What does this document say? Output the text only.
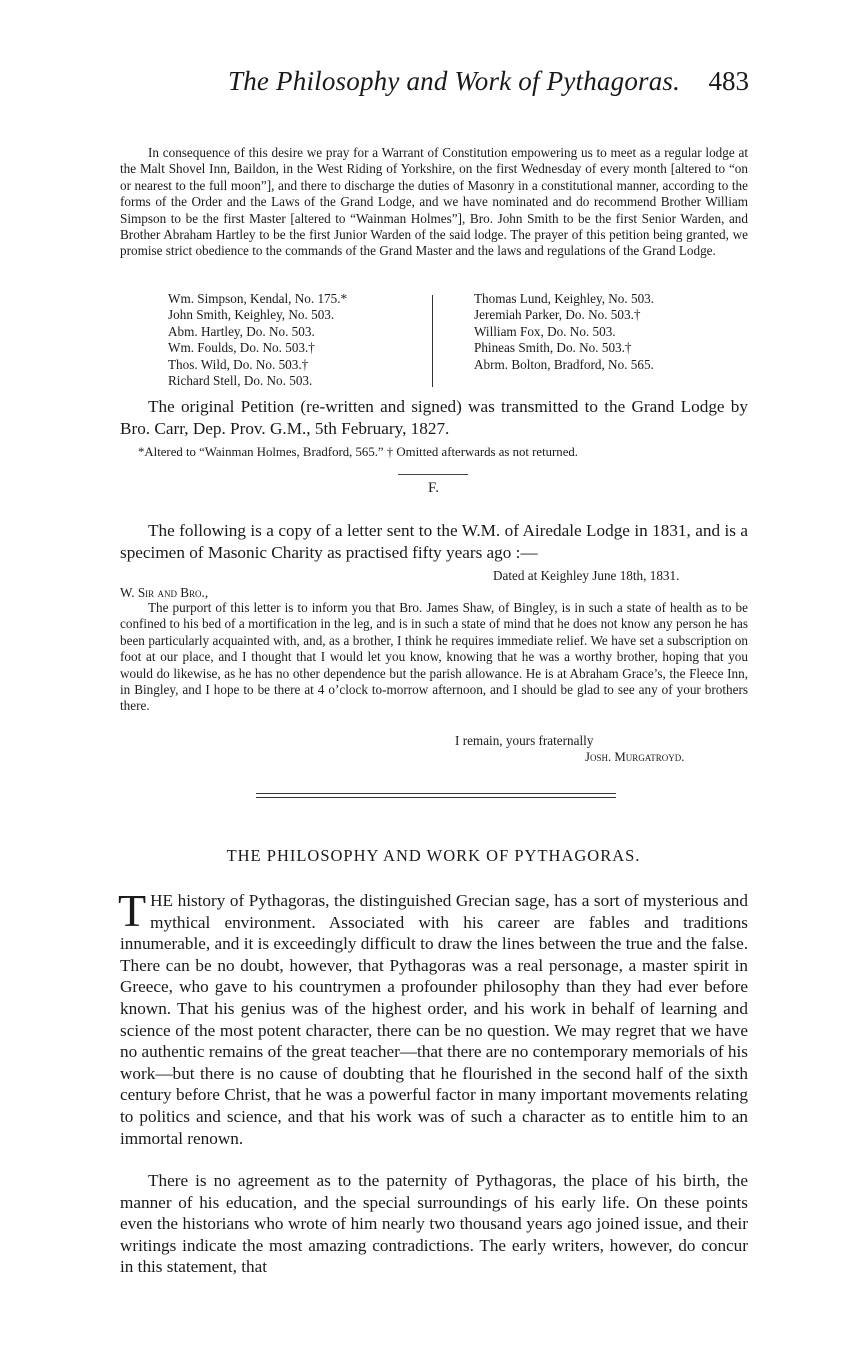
The Philosophy and Work of Pythagoras. 483

In consequence of this desire we pray for a Warrant of Constitution empowering us to meet as a regular lodge at the Malt Shovel Inn, Baildon, in the West Riding of Yorkshire, on the first Wednesday of every month [altered to “on or nearest to the full moon”], and there to discharge the duties of Masonry in a constitutional manner, according to the forms of the Order and the Laws of the Grand Lodge, and we have nominated and do recommend Brother William Simpson to be the first Master [altered to “Wainman Holmes”], Bro. John Smith to be the first Senior Warden, and Brother Abraham Hartley to be the first Junior Warden of the said lodge. The prayer of this petition being granted, we promise strict obedience to the commands of the Grand Master and the laws and regulations of the Grand Lodge.

Wm. Simpson, Kendal, No. 175.*
John Smith, Keighley, No. 503.
Abm. Hartley, Do. No. 503.
Wm. Foulds, Do. No. 503.†
Thos. Wild, Do. No. 503.†
Richard Stell, Do. No. 503.
Thomas Lund, Keighley, No. 503.
Jeremiah Parker, Do. No. 503.†
William Fox, Do. No. 503.
Phineas Smith, Do. No. 503.†
Abrm. Bolton, Bradford, No. 565.

The original Petition (re-written and signed) was transmitted to the Grand Lodge by Bro. Carr, Dep. Prov. G.M., 5th February, 1827.

*Altered to “Wainman Holmes, Bradford, 565.” † Omitted afterwards as not returned.
F.

The following is a copy of a letter sent to the W.M. of Airedale Lodge in 1831, and is a specimen of Masonic Charity as practised fifty years ago :—

Dated at Keighley June 18th, 1831.
W. Sir and Bro.,

The purport of this letter is to inform you that Bro. James Shaw, of Bingley, is in such a state of health as to be confined to his bed of a mortification in the leg, and is in such a state of mind that he does not know any person he has been particularly acquainted with, and, as a brother, I think he requires immediate relief. We have set a subscription on foot at our place, and I thought that I would let you know, knowing that he was a worthy brother, hoping that you would do likewise, as he has no other dependence but the parish allowance. He is at Abraham Grace’s, the Fleece Inn, in Bingley, and I hope to be there at 4 o’clock to-morrow afternoon, and I should be glad to see any of your brothers there.

I remain, yours fraternally
Josh. Murgatroyd.
THE PHILOSOPHY AND WORK OF PYTHAGORAS.
T HE history of Pythagoras, the distinguished Grecian sage, has a sort of mysterious and mythical environment. Associated with his career are fables and traditions innumerable, and it is exceedingly difficult to draw the lines between the true and the false. There can be no doubt, however, that Pythagoras was a real personage, a master spirit in Greece, who gave to his countrymen a profounder philosophy than they had ever before known. That his genius was of the highest order, and his work in behalf of learning and science of the most potent character, there can be no question. We may regret that we have no authentic remains of the great teacher—that there are no contemporary memorials of his work—but there is no cause of doubting that he flourished in the second half of the sixth century before Christ, that he was a powerful factor in many important movements relating to politics and science, and that his work was of such a character as to entitle him to an immortal renown.

There is no agreement as to the paternity of Pythagoras, the place of his birth, the manner of his education, and the special surroundings of his early life. On these points even the historians who wrote of him nearly two thousand years ago joined issue, and their writings indicate the most amazing contradictions. The early writers, however, do concur in this statement, that
